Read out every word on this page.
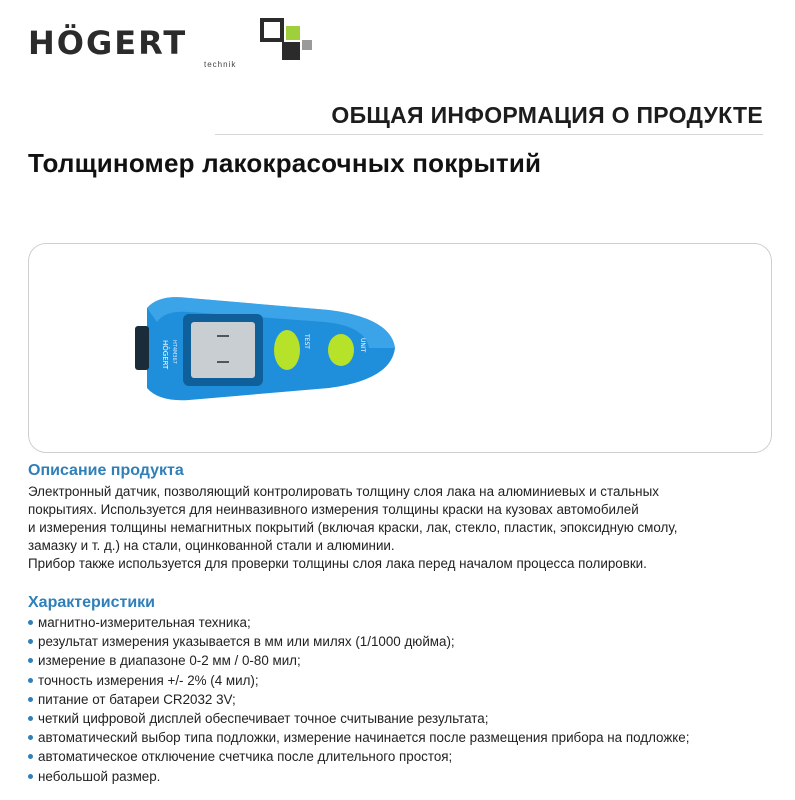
HÖGERT
technik
ОБЩАЯ ИНФОРМАЦИЯ О ПРОДУКТЕ
Толщиномер лакокрасочных покрытий
HÖGERT HT4M367	TEST	UNIT
Описание продукта

Электронный датчик, позволяющий контролировать толщину слоя лака на алюминиевых и стальных

покрытиях. Используется для неинвазивного измерения толщины краски на кузовах автомобилей

и измерения толщины немагнитных покрытий (включая краски, лак, стекло, пластик, эпоксидную смолу,

замазку и т. д.) на стали, оцинкованной стали и алюминии.

Прибор также используется для проверки толщины слоя лака перед началом процесса полировки.

Характеристики
магнитно-измерительная техника;
результат измерения указывается в мм или милях (1/1000 дюйма);
измерение в диапазоне 0-2 мм / 0-80 мил;
точность измерения +/- 2% (4 мил);
питание от батареи CR2032 3V;
четкий цифровой дисплей обеспечивает точное считывание результата;
автоматический выбор типа подложки, измерение начинается после размещения прибора на подложке;
автоматическое отключение счетчика после длительного простоя;
небольшой размер.
